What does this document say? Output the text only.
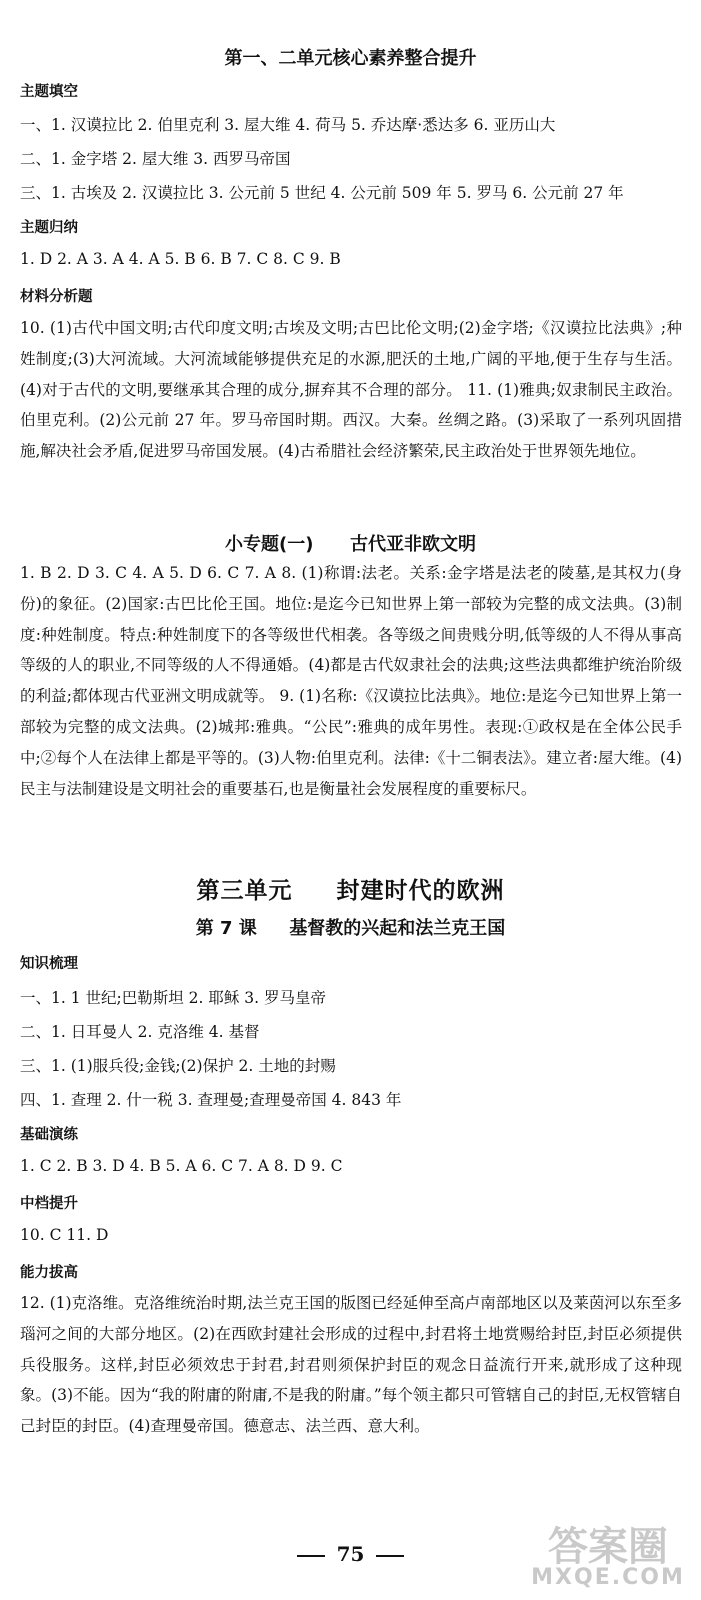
第一、二单元核心素养整合提升
主题填空
一、1. 汉谟拉比 2. 伯里克利 3. 屋大维 4. 荷马 5. 乔达摩·悉达多 6. 亚历山大
二、1. 金字塔 2. 屋大维 3. 西罗马帝国
三、1. 古埃及 2. 汉谟拉比 3. 公元前 5 世纪 4. 公元前 509 年 5. 罗马 6. 公元前 27 年
主题归纳
1. D 2. A 3. A 4. A 5. B 6. B 7. C 8. C 9. B
材料分析题
10. (1)古代中国文明;古代印度文明;古埃及文明;古巴比伦文明;(2)金字塔;《汉谟拉比法典》;种姓制度;(3)大河流域。大河流域能够提供充足的水源,肥沃的土地,广阔的平地,便于生存与生活。(4)对于古代的文明,要继承其合理的成分,摒弃其不合理的部分。 11. (1)雅典;奴隶制民主政治。伯里克利。(2)公元前 27 年。罗马帝国时期。西汉。大秦。丝绸之路。(3)采取了一系列巩固措施,解决社会矛盾,促进罗马帝国发展。(4)古希腊社会经济繁荣,民主政治处于世界领先地位。
小专题(一) 古代亚非欧文明
1. B 2. D 3. C 4. A 5. D 6. C 7. A 8. (1)称谓:法老。关系:金字塔是法老的陵墓,是其权力(身份)的象征。(2)国家:古巴比伦王国。地位:是迄今已知世界上第一部较为完整的成文法典。(3)制度:种姓制度。特点:种姓制度下的各等级世代相袭。各等级之间贵贱分明,低等级的人不得从事高等级的人的职业,不同等级的人不得通婚。(4)都是古代奴隶社会的法典;这些法典都维护统治阶级的利益;都体现古代亚洲文明成就等。 9. (1)名称:《汉谟拉比法典》。地位:是迄今已知世界上第一部较为完整的成文法典。(2)城邦:雅典。“公民”:雅典的成年男性。表现:①政权是在全体公民手中;②每个人在法律上都是平等的。(3)人物:伯里克利。法律:《十二铜表法》。建立者:屋大维。(4)民主与法制建设是文明社会的重要基石,也是衡量社会发展程度的重要标尺。
第三单元 封建时代的欧洲
第 7 课 基督教的兴起和法兰克王国
知识梳理
一、1. 1 世纪;巴勒斯坦 2. 耶稣 3. 罗马皇帝
二、1. 日耳曼人 2. 克洛维 4. 基督
三、1. (1)服兵役;金钱;(2)保护 2. 土地的封赐
四、1. 查理 2. 什一税 3. 查理曼;查理曼帝国 4. 843 年
基础演练
1. C 2. B 3. D 4. B 5. A 6. C 7. A 8. D 9. C
中档提升
10. C 11. D
能力拔高
12. (1)克洛维。克洛维统治时期,法兰克王国的版图已经延伸至高卢南部地区以及莱茵河以东至多瑙河之间的大部分地区。(2)在西欧封建社会形成的过程中,封君将土地赏赐给封臣,封臣必须提供兵役服务。这样,封臣必须效忠于封君,封君则须保护封臣的观念日益流行开来,就形成了这种现象。(3)不能。因为“我的附庸的附庸,不是我的附庸。”每个领主都只可管辖自己的封臣,无权管辖自己封臣的封臣。(4)查理曼帝国。德意志、法兰西、意大利。
75	答案圈
MXQE.COM
